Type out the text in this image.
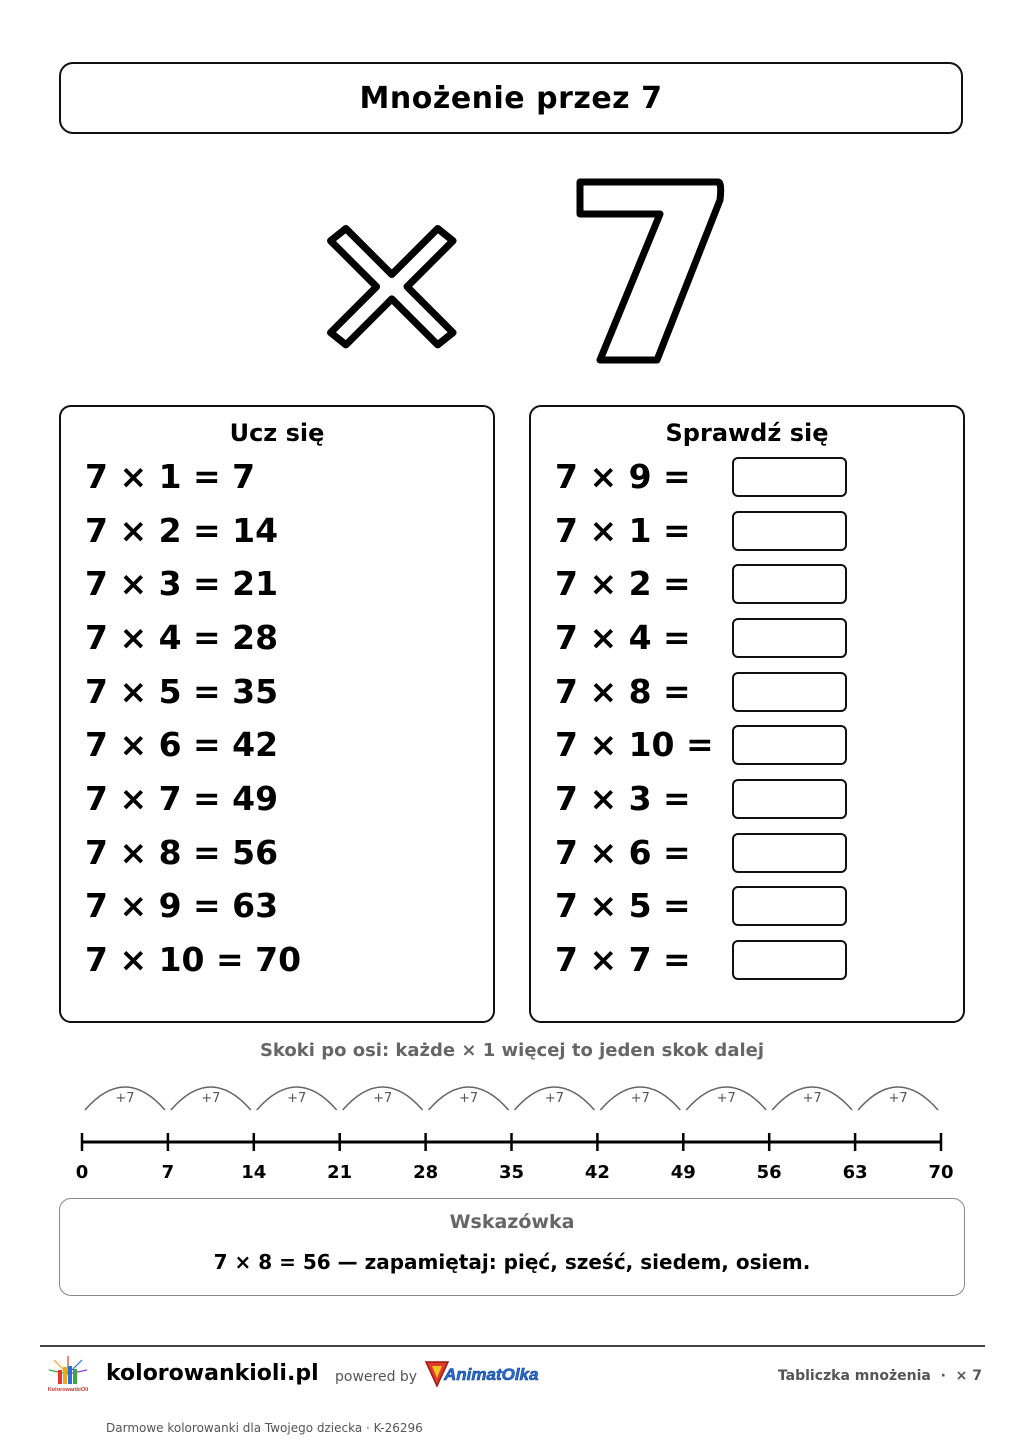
Mnożenie przez 7
Ucz się
7 × 1 = 7
7 × 2 = 14
7 × 3 = 21
7 × 4 = 28
7 × 5 = 35
7 × 6 = 42
7 × 7 = 49
7 × 8 = 56
7 × 9 = 63
7 × 10 = 70
Sprawdź się
7 × 9 =
7 × 1 =
7 × 2 =
7 × 4 =
7 × 8 =
7 × 10 =
7 × 3 =
7 × 6 =
7 × 5 =
7 × 7 =
Skoki po osi: każde × 1 więcej to jeden skok dalej
0
+7
7
+7
14
+7
21
+7
28
+7
35
+7
42
+7
49
+7
56
+7
63
+7
70
Wskazówka
7 × 8 = 56 — zapamiętaj: pięć, sześć, siedem, osiem.
KolorowankiOli
kolorowankioli.pl powered by AnimatOlka	Tabliczka mnożenia  ·  × 7
Darmowe kolorowanki dla Twojego dziecka · K-26296
